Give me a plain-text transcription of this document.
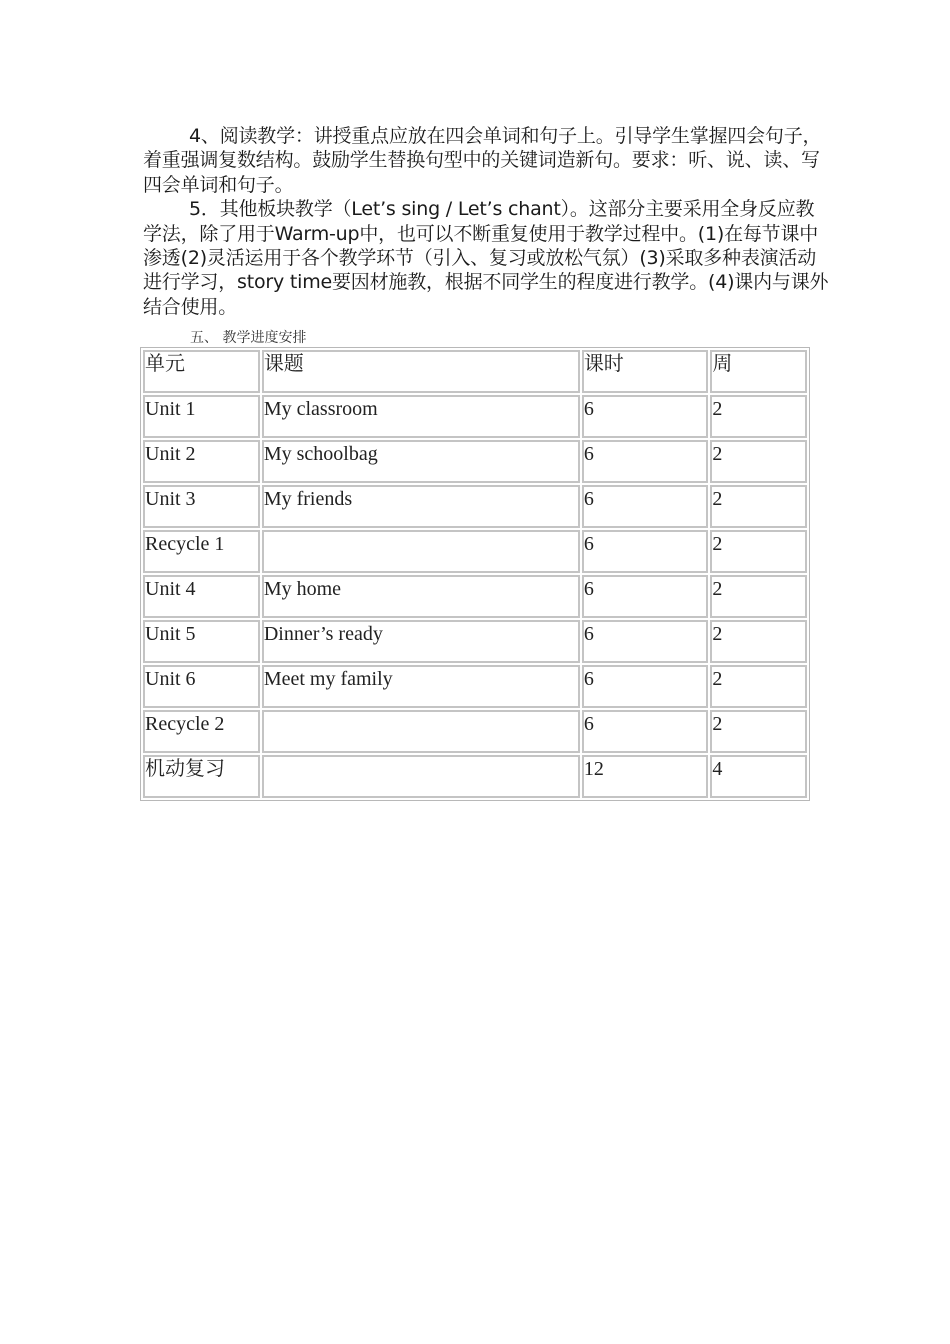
4、阅读教学：讲授重点应放在四会单词和句子上。引导学生掌握四会句子，着重强调复数结构。鼓励学生替换句型中的关键词造新句。要求：听、说、读、写四会单词和句子。

5．其他板块教学（Let’s sing / Let’s chant）。这部分主要采用全身反应教学法，除了用于Warm-up中，也可以不断重复使用于教学过程中。(1)在每节课中渗透(2)灵活运用于各个教学环节（引入、复习或放松气氛）(3)采取多种表演活动进行学习，story time要因材施教，根据不同学生的程度进行教学。(4)课内与课外结合使用。

五、 教学进度安排
单元	课题	课时	周
Unit 1	My classroom	6	2
Unit 2	My schoolbag	6	2
Unit 3	My friends	6	2
Recycle 1		6	2
Unit 4	My home	6	2
Unit 5	Dinner’s ready	6	2
Unit 6	Meet my family	6	2
Recycle 2		6	2
机动复习		12	4
